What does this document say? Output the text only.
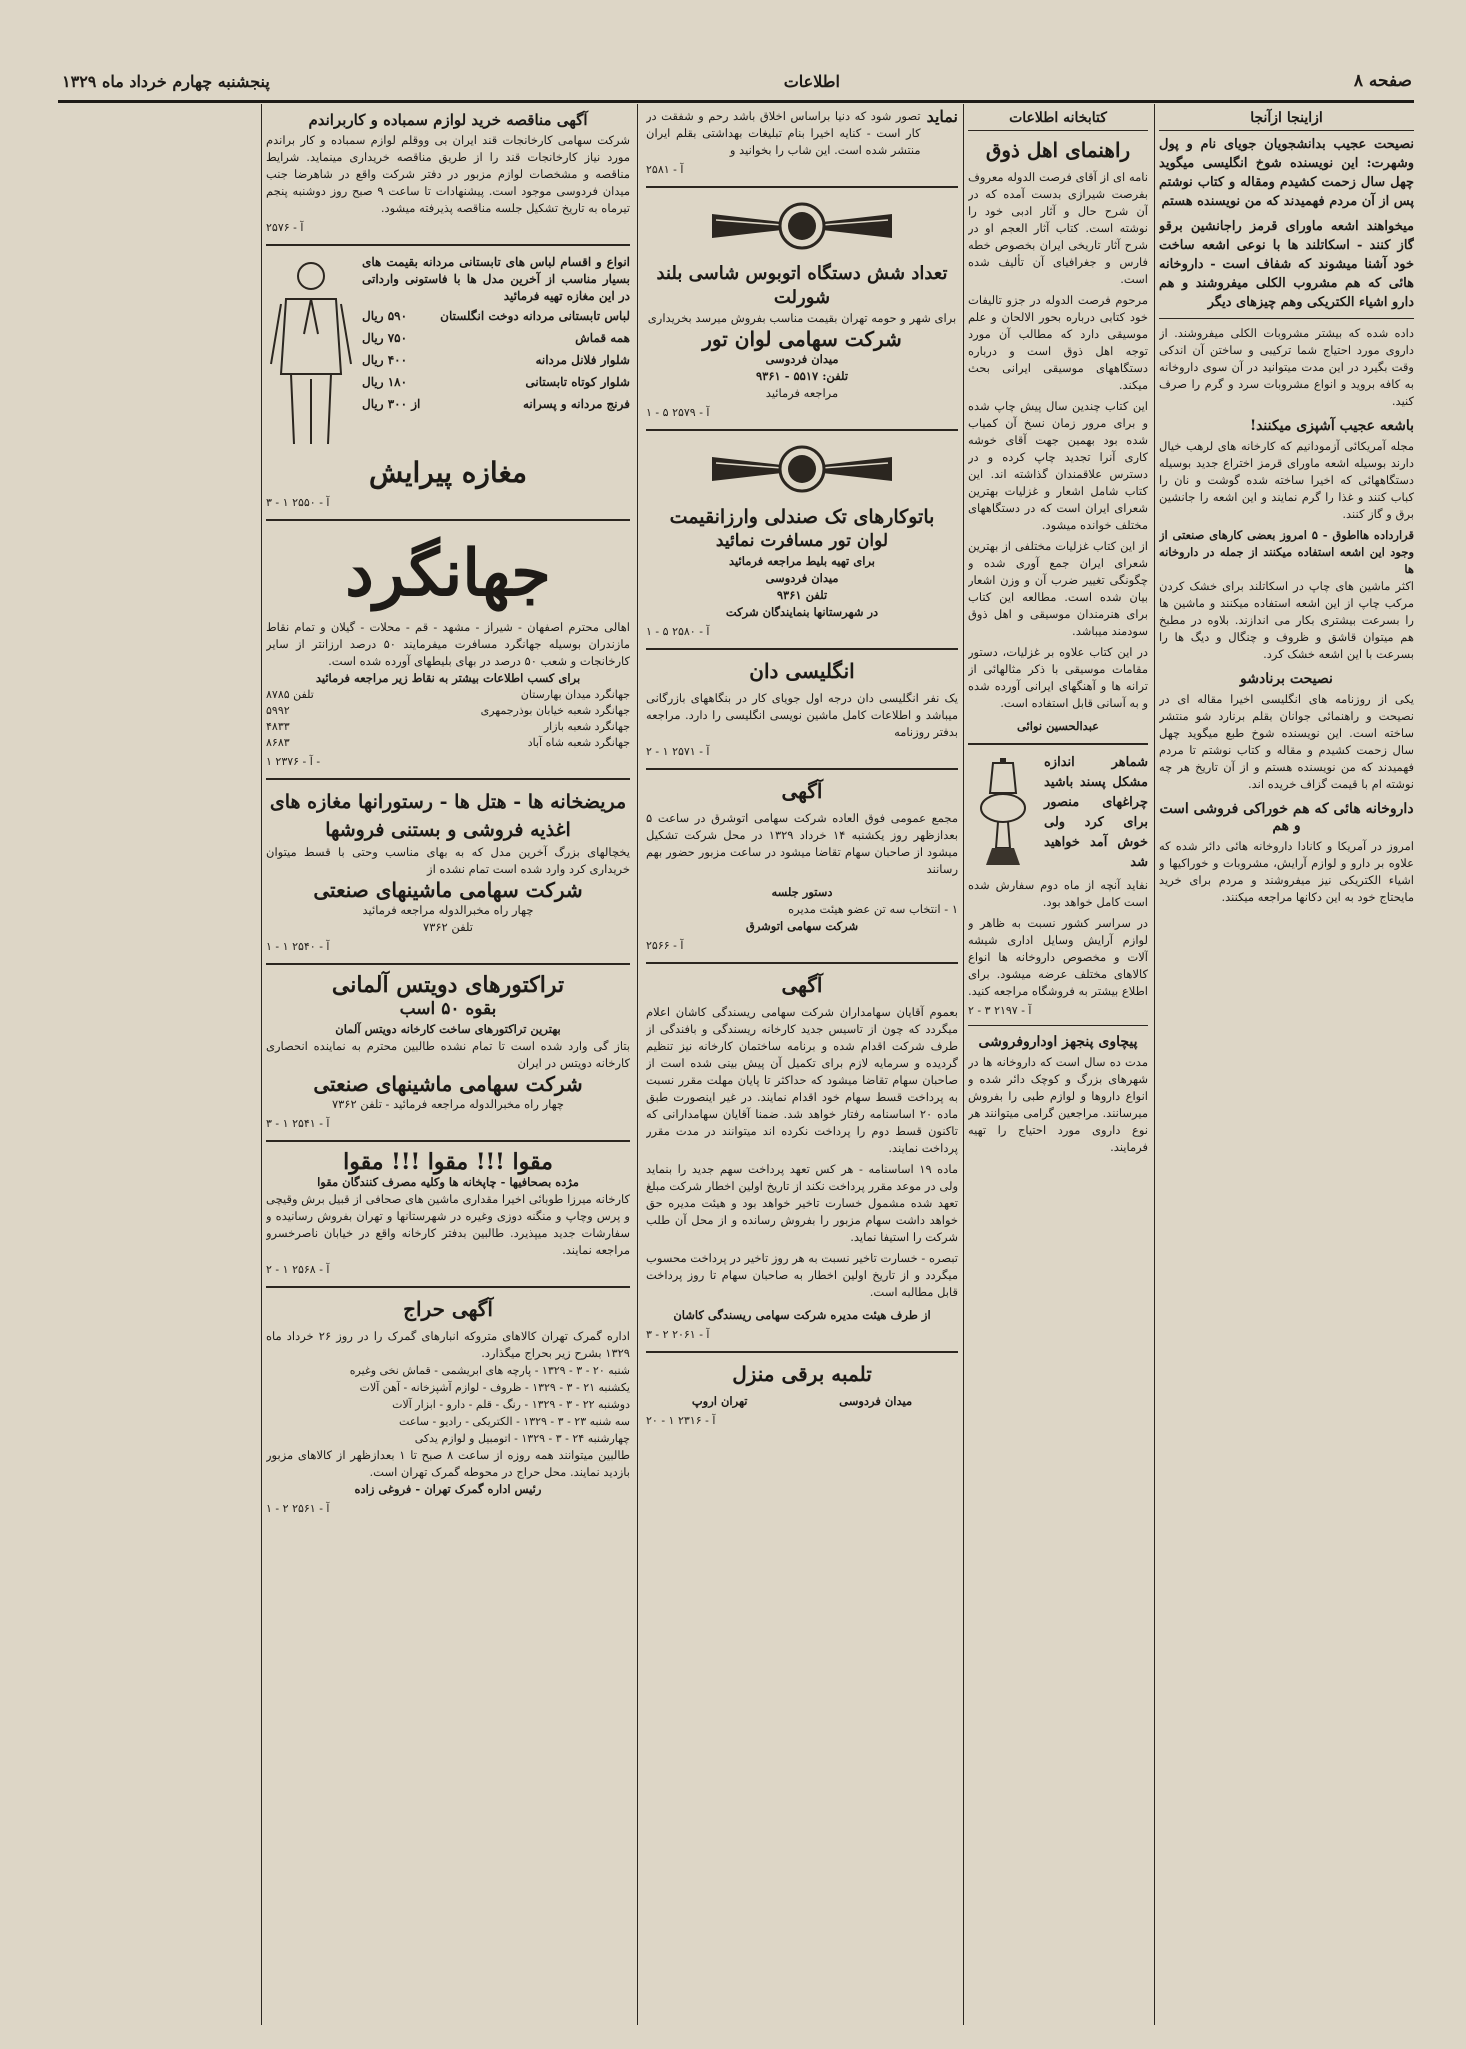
صفحه ۸
اطلاعات
پنجشنبه چهارم خرداد ماه ۱۳۲۹
ازاینجا ازآنجا
نصیحت عجیب بدانشجویان جویای نام و پول وشهرت: این نویسنده شوخ انگلیسی میگوید چهل سال زحمت کشیدم ومقاله و کتاب نوشتم پس از آن مردم فهمیدند که من نویسنده هستم
میخواهند اشعه ماورای قرمز راجانشین برقو گاز کنند - اسکاتلند ها با نوعی اشعه ساخت خود آشنا میشوند که شفاف است - داروخانه هائی که هم مشروب الکلی میفروشند و هم دارو اشیاء الکتریکی وهم چیزهای دیگر
داده شده که بیشتر مشروبات الکلی میفروشند. از داروی مورد احتیاج شما ترکیبی و ساختن آن اندکی وقت بگیرد در این مدت میتوانید در آن سوی داروخانه به کافه بروید و انواع مشروبات سرد و گرم را صرف کنید.
باشعه عجیب آشپزی میکنند!
مجله آمریکائی آزمودانیم که کارخانه های لرهب خیال دارند بوسیله اشعه ماورای قرمز اختراع جدید بوسیله دستگاههائی که اخیرا ساخته شده گوشت و نان را کباب کنند و غذا را گرم نمایند و این اشعه را جانشین برق و گاز کنند.
قرارداده هااطوق - ۵ امروز بعضی کارهای صنعتی از وجود این اشعه استفاده میکنند از جمله در داروخانه ها
اکثر ماشین های چاپ در اسکاتلند برای خشک کردن مرکب چاپ از این اشعه استفاده میکنند و ماشین ها را بسرعت بیشتری بکار می اندازند. بلاوه در مطبخ هم میتوان قاشق و ظروف و چنگال و دیگ ها را بسرعت با این اشعه خشک کرد.
نصیحت برنادشو
یکی از روزنامه های انگلیسی اخیرا مقاله ای در نصیحت و راهنمائی جوانان بقلم برنارد شو منتشر ساخته است. این نویسنده شوخ طبع میگوید چهل سال زحمت کشیدم و مقاله و کتاب نوشتم تا مردم فهمیدند که من نویسنده هستم و از آن تاریخ هر چه نوشته ام با قیمت گزاف خریده اند.
داروخانه هائی که هم خوراکی فروشی است و هم
امروز در آمریکا و کانادا داروخانه هائی دائر شده که علاوه بر دارو و لوازم آرایش، مشروبات و خوراکیها و اشیاء الکتریکی نیز میفروشند و مردم برای خرید مایحتاج خود به این دکانها مراجعه میکنند.
کتابخانه اطلاعات
راهنمای اهل ذوق
نامه ای از آقای فرصت الدوله معروف بفرصت شیرازی بدست آمده که در آن شرح حال و آثار ادبی خود را نوشته است. کتاب آثار العجم او در شرح آثار تاریخی ایران بخصوص خطه فارس و جغرافیای آن تألیف شده است.
مرحوم فرصت الدوله در جزو تالیفات خود کتابی درباره بحور الالحان و علم موسیقی دارد که مطالب آن مورد توجه اهل ذوق است و درباره دستگاههای موسیقی ایرانی بحث میکند.
این کتاب چندین سال پیش چاپ شده و برای مرور زمان نسخ آن کمیاب شده بود بهمین جهت آقای خوشه کاری آنرا تجدید چاپ کرده و در دسترس علاقمندان گذاشته اند. این کتاب شامل اشعار و غزلیات بهترین شعرای ایران است که در دستگاههای مختلف خوانده میشود.
از این کتاب غزلیات مختلفی از بهترین شعرای ایران جمع آوری شده و چگونگی تغییر ضرب آن و وزن اشعار بیان شده است. مطالعه این کتاب برای هنرمندان موسیقی و اهل ذوق سودمند میباشد.
در این کتاب علاوه بر غزلیات، دستور مقامات موسیقی با ذکر مثالهائی از ترانه ها و آهنگهای ایرانی آورده شده و به آسانی قابل استفاده است.
عبدالحسین نوائی
شماهر اندازه مشکل پسند باشید چراغهای منصور برای کرد ولی خوش آمد خواهید شد
نفاید آنچه از ماه دوم سفارش شده است کامل خواهد بود.
در سراسر کشور نسبت به ظاهر و لوازم آرایش وسایل اداری شیشه آلات و مخصوص داروخانه ها انواع کالاهای مختلف عرضه میشود. برای اطلاع بیشتر به فروشگاه مراجعه کنید.
آ - ۲۱۹۷ ۳ - ۲
پیچاوی پنجهز اوداروفروشی
مدت ده سال است که داروخانه ها در شهرهای بزرگ و کوچک دائر شده و انواع داروها و لوازم طبی را بفروش میرسانند. مراجعین گرامی میتوانند هر نوع داروی مورد احتیاج را تهیه فرمایند.
نماید
تصور شود که دنیا براساس اخلاق باشد رحم و شفقت در کار است - کنایه اخیرا بنام تبلیغات بهداشتی بقلم ایران منتشر شده است. این شاب را بخوانید و
آ - ۲۵۸۱
تعداد شش دستگاه اتوبوس شاسی بلند شورلت
برای شهر و حومه تهران بقیمت مناسب بفروش میرسد بخریداری
شرکت سهامی لوان تور
میدان فردوسی
تلفن: ۵۵۱۷ - ۹۳۶۱
مراجعه فرمائید
آ - ۲۵۷۹ ۵ - ۱
باتوکارهای تک صندلی وارزانقیمت
لوان تور مسافرت نمائید
برای تهیه بلیط مراجعه فرمائید
میدان فردوسی
تلفن ۹۳۶۱
در شهرستانها بنمایندگان شرکت
آ - ۲۵۸۰ ۵ - ۱
انگلیسی دان
یک نفر انگلیسی دان درجه اول جویای کار در بنگاههای بازرگانی میباشد و اطلاعات کامل ماشین نویسی انگلیسی را دارد. مراجعه بدفتر روزنامه
آ - ۲۵۷۱ ۱ - ۲
آگهی
مجمع عمومی فوق العاده شرکت سهامی اتوشرق در ساعت ۵ بعدازظهر روز یکشنبه ۱۴ خرداد ۱۳۲۹ در محل شرکت تشکیل میشود از صاحبان سهام تقاضا میشود در ساعت مزبور حضور بهم رسانند
دستور جلسه
۱ - انتخاب سه تن عضو هیئت مدیره
شرکت سهامی اتوشرق
آ - ۲۵۶۶
آگهی
بعموم آقایان سهامداران شرکت سهامی ریسندگی کاشان اعلام میگردد که چون از تاسیس جدید کارخانه ریسندگی و بافندگی از طرف شرکت اقدام شده و برنامه ساختمان کارخانه نیز تنظیم گردیده و سرمایه لازم برای تکمیل آن پیش بینی شده است از صاحبان سهام تقاضا میشود که حداکثر تا پایان مهلت مقرر نسبت به پرداخت قسط سهام خود اقدام نمایند. در غیر اینصورت طبق ماده ۲۰ اساسنامه رفتار خواهد شد. ضمنا آقایان سهامدارانی که تاکنون قسط دوم را پرداخت نکرده اند میتوانند در مدت مقرر پرداخت نمایند.
ماده ۱۹ اساسنامه - هر کس تعهد پرداخت سهم جدید را بنماید ولی در موعد مقرر پرداخت نکند از تاریخ اولین اخطار شرکت مبلغ تعهد شده مشمول خسارت تاخیر خواهد بود و هیئت مدیره حق خواهد داشت سهام مزبور را بفروش رسانده و از محل آن طلب شرکت را استیفا نماید.
تبصره - خسارت تاخیر نسبت به هر روز تاخیر در پرداخت محسوب میگردد و از تاریخ اولین اخطار به صاحبان سهام تا روز پرداخت قابل مطالبه است.
از طرف هیئت مدیره شرکت سهامی ریسندگی کاشان
آ - ۲۰۶۱ ۲ - ۳
تلمبه برقی منزل
میدان فردوسی
تهران اروپ
آ - ۲۳۱۶ ۱ - ۲۰
آگهی مناقصه خرید لوازم سمباده و کاربراندم
شرکت سهامی کارخانجات قند ایران بی ووقلم لوازم سمباده و کار براندم مورد نیاز کارخانجات قند را از طریق مناقصه خریداری مینماید. شرایط مناقصه و مشخصات لوازم مزبور در دفتر شرکت واقع در شاهرضا جنب میدان فردوسی موجود است. پیشنهادات تا ساعت ۹ صبح روز دوشنبه پنجم تیرماه به تاریخ تشکیل جلسه مناقصه پذیرفته میشود.
آ - ۲۵۷۶
انواع و اقسام لباس های تابستانی مردانه بقیمت های بسیار مناسب از آخرین مدل ها با فاستونی وارداتی در این مغازه تهیه فرمائید
لباس تابستانی مردانه دوخت انگلستان
۵۹۰ ریال
همه قماش
۷۵۰ ریال
شلوار فلانل مردانه
۴۰۰ ریال
شلوار کوتاه تابستانی
۱۸۰ ریال
فرنج مردانه و پسرانه
از ۳۰۰ ریال
مغازه پیرایش
آ - ۲۵۵۰ ۱ - ۳
جهانگرد
اهالی محترم اصفهان - شیراز - مشهد - قم - محلات - گیلان و تمام نقاط مازندران بوسیله جهانگرد مسافرت میفرمایند ۵۰ درصد ارزانتر از سایر کارخانجات و شعب ۵۰ درصد در بهای بلیطهای آورده شده است.
برای کسب اطلاعات بیشتر به نقاط زیر مراجعه فرمائید
جهانگرد میدان بهارستان
تلفن ۸۷۸۵
جهانگرد شعبه خیابان بوذرجمهری
۵۹۹۲
جهانگرد شعبه بازار
۴۸۳۳
جهانگرد شعبه شاه آباد
۸۶۸۳
آ - ۲۳۷۶ ۱ -
مریضخانه ها - هتل ها - رستورانها مغازه های اغذیه فروشی و بستنی فروشها
یخچالهای بزرگ آخرین مدل که به بهای مناسب وحتی با قسط میتوان خریداری کرد وارد شده است تمام نشده از
شرکت سهامی ماشینهای صنعتی
چهار راه مخبرالدوله مراجعه فرمائید
تلفن ۷۳۶۲
آ - ۲۵۴۰ ۱ - ۱
تراکتورهای دویتس آلمانی
بقوه ۵۰ اسب
بهترین تراکتورهای ساخت کارخانه دویتس آلمان
بتاز گی وارد شده است تا تمام نشده طالبین محترم به نماینده انحصاری کارخانه دویتس در ایران
شرکت سهامی ماشینهای صنعتی
چهار راه مخبرالدوله مراجعه فرمائید - تلفن ۷۳۶۲
آ - ۲۵۴۱ ۱ - ۳
مقوا !!! مقوا !!! مقوا
مژده بصحافیها - چاپخانه ها وکلیه مصرف کنندگان مقوا
کارخانه میرزا طوبائی اخیرا مقداری ماشین های صحافی از قبیل برش وقیچی و پرس وچاپ و منگنه دوزی وغیره در شهرستانها و تهران بفروش رسانیده و سفارشات جدید میپذیرد. طالبین بدفتر کارخانه واقع در خیابان ناصرخسرو مراجعه نمایند.
آ - ۲۵۶۸ ۱ - ۲
آگهی حراج
اداره گمرک تهران کالاهای متروکه انبارهای گمرک را در روز ۲۶ خرداد ماه ۱۳۲۹ بشرح زیر بحراج میگذارد.
شنبه ۲۰ - ۳ - ۱۳۲۹ - پارچه های ابریشمی - قماش نخی وغیره
یکشنبه ۲۱ - ۳ - ۱۳۲۹ - ظروف - لوازم آشپزخانه - آهن آلات
دوشنبه ۲۲ - ۳ - ۱۳۲۹ - رنگ - قلم - دارو - ابزار آلات
سه شنبه ۲۳ - ۳ - ۱۳۲۹ - الکتریکی - رادیو - ساعت
چهارشنبه ۲۴ - ۳ - ۱۳۲۹ - اتومبیل و لوازم یدکی
طالبین میتوانند همه روزه از ساعت ۸ صبح تا ۱ بعدازظهر از کالاهای مزبور بازدید نمایند. محل حراج در محوطه گمرک تهران است.
رئیس اداره گمرک تهران - فروغی زاده
آ - ۲۵۶۱ ۲ - ۱
